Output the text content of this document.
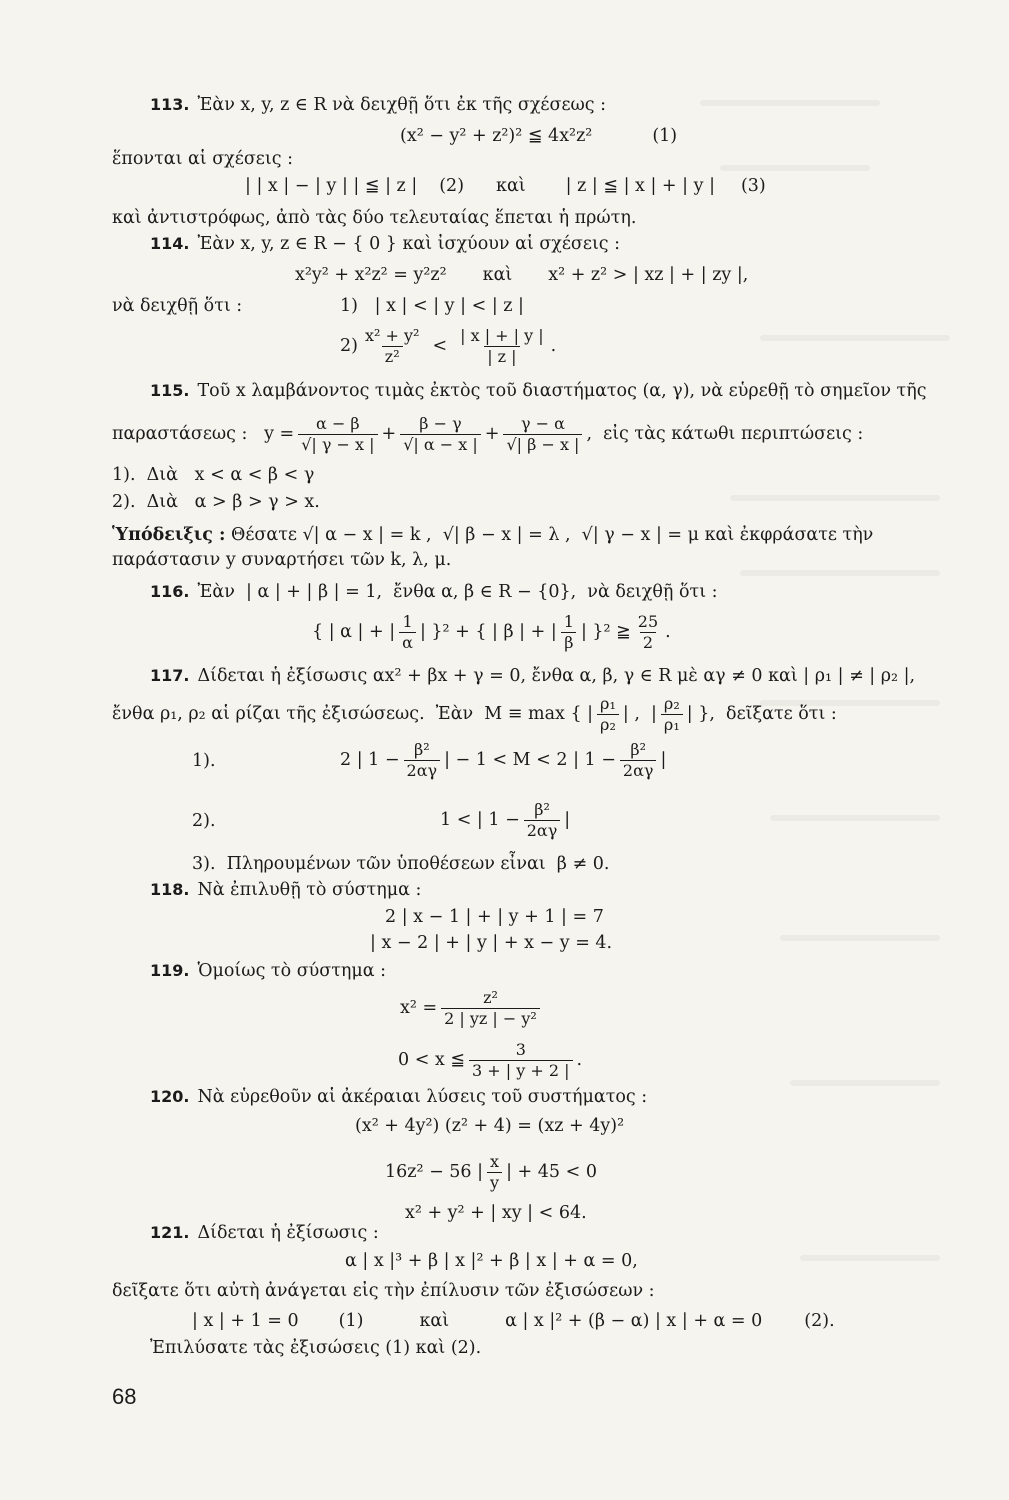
113. Ἐὰν x, y, z ∈ R νὰ δειχθῇ ὅτι ἐκ τῆς σχέσεως :
(x² − y² + z²)² ≦ 4x²z²	(1)
ἕπονται αἱ σχέσεις :
| | x | − | y | | ≦ | z | (2) καὶ | z | ≦ | x | + | y | (3)
καὶ ἀντιστρόφως, ἀπὸ τὰς δύο τελευταίας ἕπεται ἡ πρώτη.
114. Ἐὰν x, y, z ∈ R − { 0 } καὶ ἰσχύουν αἱ σχέσεις :
x²y² + x²z² = y²z² καὶ x² + z² > | xz | + | zy |,
νὰ δειχθῇ ὅτι :	1)   | x | < | y | < | z |
$2) \frac{\text{x² + y²}}{\text{z²}} < \frac{| x | + | y |}{| z |}$ .
115. Τοῦ x λαμβάνοντος τιμὰς ἐκτὸς τοῦ διαστήματος (α, γ), νὰ εὑρεθῇ τὸ σημεῖον τῆς
παραστάσεως :   $y = \frac{\alpha - \beta}{√| \gamma - x |} + \frac{\beta - \gamma}{√| \alpha - x |} + \frac{\gamma - \alpha}{√| \beta - x |}$ ,  εἰς τὰς κάτωθι περιπτώσεις :
1).  Διὰ   x < α < β < γ
2).  Διὰ   α > β > γ > x.
Ὑπόδειξις : Θέσατε √| α − x | = k ,  √| β − x | = λ ,  √| γ − x | = μ καὶ ἐκφράσατε τὴν
παράστασιν y συναρτήσει τῶν k, λ, μ.
116. Ἐὰν  | α | + | β | = 1,  ἔνθα α, β ∈ R − {0},  νὰ δειχθῇ ὅτι :
{ | α | + | $\frac{1}{\alpha}$ | }² + { | β | + | $\frac{1}{\beta}$ | }² ≧ $\frac{25}{2}$ .
117. Δίδεται ἡ ἐξίσωσις αx² + βx + γ = 0, ἔνθα α, β, γ ∈ R μὲ αγ ≠ 0 καὶ | ρ₁ | ≠ | ρ₂ |,
ἔνθα ρ₁, ρ₂ αἱ ρίζαι τῆς ἐξισώσεως.  Ἐὰν  M ≡ max { | $\frac{\text{ρ₁}}{\text{ρ₂}}$ | ,  | $\frac{\text{ρ₂}}{\text{ρ₁}}$ | },  δεῖξατε ὅτι :
1).	2 | $1 - \frac{\text{β²}}{2\alpha\gamma}$ | − 1 < M < 2 | $1 - \frac{\text{β²}}{2\alpha\gamma}$ |
2).	1 < | $1 - \frac{\text{β²}}{2\alpha\gamma}$ |
3).  Πληρουμένων τῶν ὑποθέσεων εἶναι  β ≠ 0.
118. Νὰ ἐπιλυθῇ τὸ σύστημα :
2 | x − 1 | + | y + 1 | = 7
| x − 2 | + | y | + x − y = 4.
119. Ὁμοίως τὸ σύστημα :
$x^2 = \frac{\text{z²}}{\text{2 | yz | − y²}}$
0 < x ≦ $\frac{3}{3 + | y + 2 |}$ .
120. Νὰ εὑρεθοῦν αἱ ἀκέραιαι λύσεις τοῦ συστήματος :
(x² + 4y²) (z² + 4) = (xz + 4y)²
16z² − 56 | $\frac{x}{y}$ | + 45 < 0
x² + y² + | xy | < 64.
121. Δίδεται ἡ ἐξίσωσις :
α | x |³ + β | x |² + β | x | + α = 0,
δεῖξατε ὅτι αὐτὴ ἀνάγεται εἰς τὴν ἐπίλυσιν τῶν ἐξισώσεων :
| x | + 1 = 0 (1)	καὶ	α | x |² + (β − α) | x | + α = 0 (2).
Ἐπιλύσατε τὰς ἐξισώσεις (1) καὶ (2).
68
